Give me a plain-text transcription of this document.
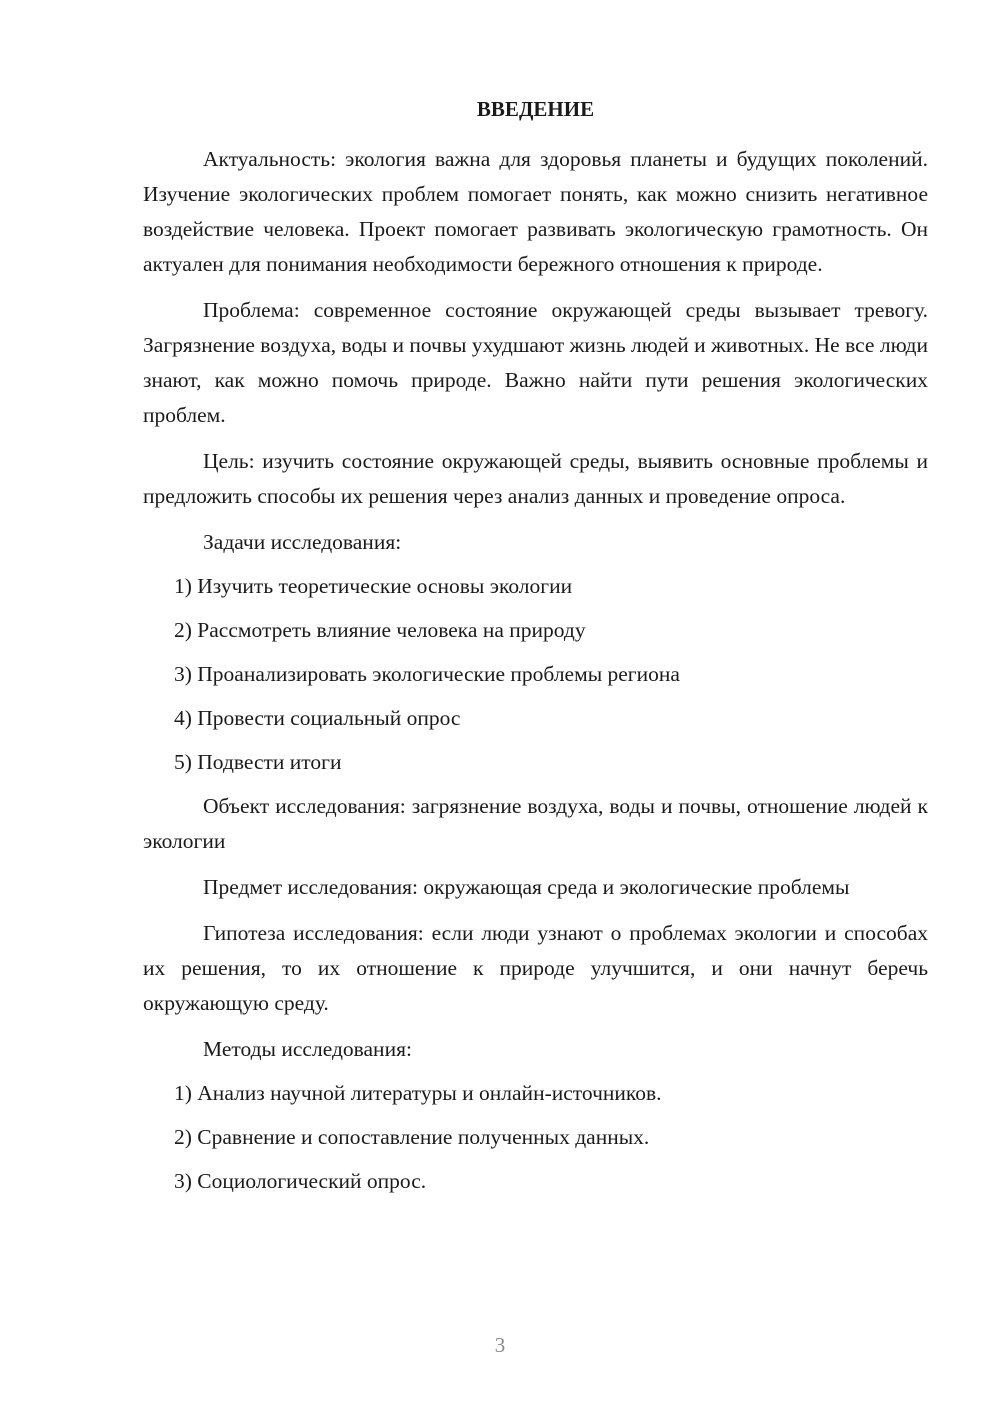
ВВЕДЕНИЕ

Актуальность: экология важна для здоровья планеты и будущих поколений. Изучение экологических проблем помогает понять, как можно снизить негативное воздействие человека. Проект помогает развивать экологическую грамотность. Он актуален для понимания необходимости бережного отношения к природе.

Проблема: современное состояние окружающей среды вызывает тревогу. Загрязнение воздуха, воды и почвы ухудшают жизнь людей и животных. Не все люди знают, как можно помочь природе. Важно найти пути решения экологических проблем.

Цель: изучить состояние окружающей среды, выявить основные проблемы и предложить способы их решения через анализ данных и проведение опроса.

Задачи исследования:
1) Изучить теоретические основы экологии
2) Рассмотреть влияние человека на природу
3) Проанализировать экологические проблемы региона
4) Провести социальный опрос
5) Подвести итоги

Объект исследования: загрязнение воздуха, воды и почвы, отношение людей к экологии

Предмет исследования: окружающая среда и экологические проблемы

Гипотеза исследования: если люди узнают о проблемах экологии и способах их решения, то их отношение к природе улучшится, и они начнут беречь окружающую среду.

Методы исследования:
1) Анализ научной литературы и онлайн-источников.
2) Сравнение и сопоставление полученных данных.
3) Социологический опрос.
3
